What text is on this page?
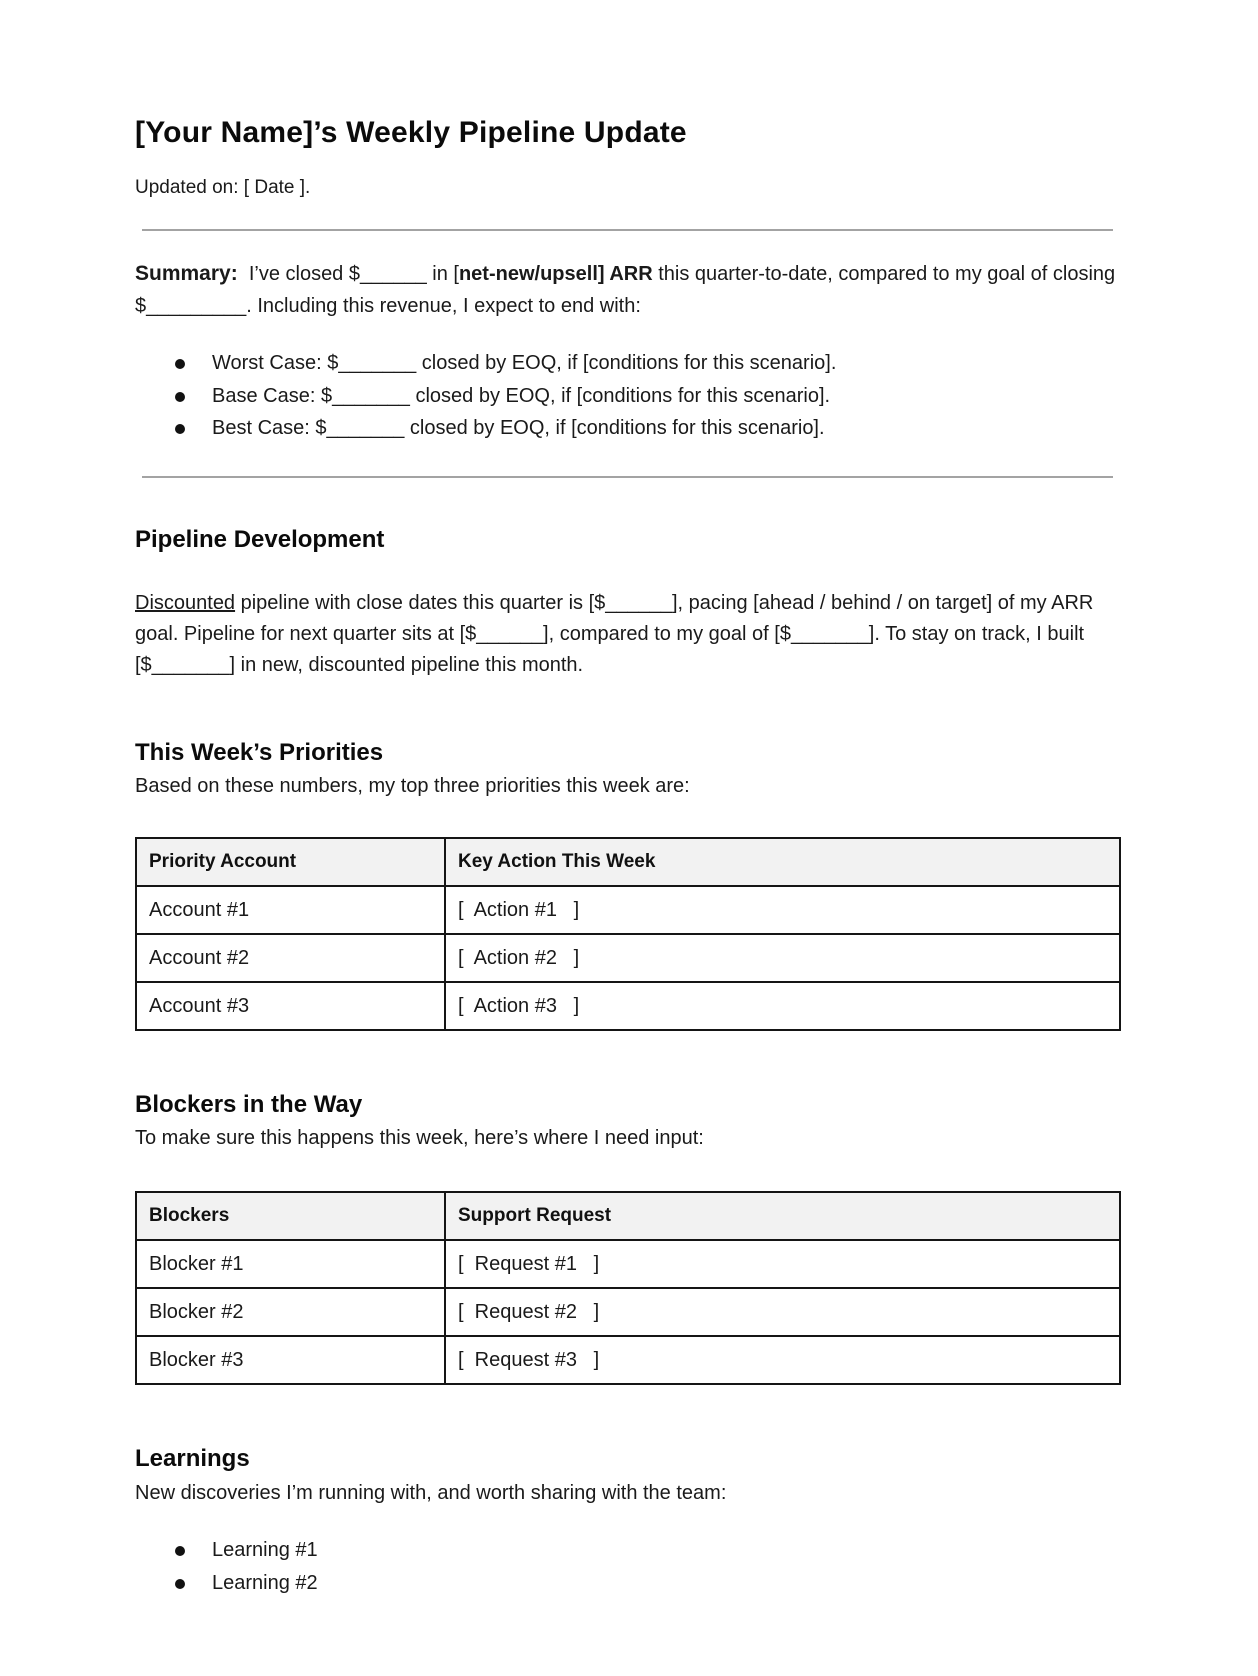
[Your Name]’s Weekly Pipeline Update
Updated on: [ Date ].
Summary:  I’ve closed $______ in [net-new/upsell] ARR this quarter-to-date, compared to my goal of closing $_________. Including this revenue, I expect to end with:
Worst Case: $_______ closed by EOQ, if [conditions for this scenario].
Base Case: $_______ closed by EOQ, if [conditions for this scenario].
Best Case: $_______ closed by EOQ, if [conditions for this scenario].
Pipeline Development
Discounted pipeline with close dates this quarter is [$______], pacing [ahead / behind / on target] of my ARR goal. Pipeline for next quarter sits at [$______], compared to my goal of [$_______]. To stay on track, I built [$_______] in new, discounted pipeline this month.
This Week’s Priorities
Based on these numbers, my top three priorities this week are:
Priority Account	Key Action This Week
Account #1	[  Action #1   ]
Account #2	[  Action #2   ]
Account #3	[  Action #3   ]
Blockers in the Way
To make sure this happens this week, here’s where I need input:
Blockers	Support Request
Blocker #1	[  Request #1   ]
Blocker #2	[  Request #2   ]
Blocker #3	[  Request #3   ]
Learnings
New discoveries I’m running with, and worth sharing with the team:
Learning #1
Learning #2
